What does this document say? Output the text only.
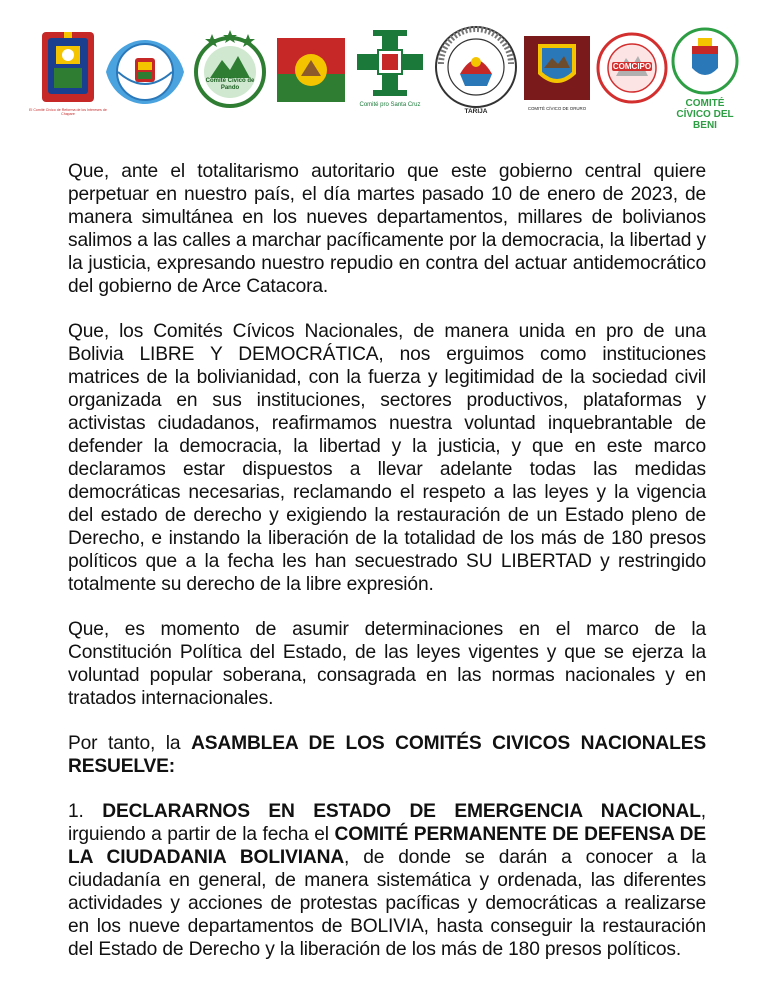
El Comité Cívico de Reforma de los Intereses de Chapare
Comité Cívico de Pando
Comité pro Santa Cruz
TARIJA	COMITÉ CÍVICO DE ORURO
COMCIPO
COMITÉ CÍVICO DEL BENI

Que, ante el totalitarismo autoritario que este gobierno central quiere perpetuar en nuestro país, el día martes pasado 10 de enero de 2023, de manera simultánea en los nueves departamentos, millares de bolivianos salimos a las calles a marchar pacíficamente por la democracia, la libertad y la justicia, expresando nuestro repudio en contra del actuar antidemocrático del gobierno de Arce Catacora.

Que, los Comités Cívicos Nacionales, de manera unida en pro de una Bolivia LIBRE Y DEMOCRÁTICA, nos erguimos como instituciones matrices de la bolivianidad, con la fuerza y legitimidad de la sociedad civil organizada en sus instituciones, sectores productivos, plataformas y activistas ciudadanos, reafirmamos nuestra voluntad inquebrantable de defender la democracia, la libertad y la justicia, y que en este marco declaramos estar dispuestos a llevar adelante todas las medidas democráticas necesarias, reclamando el respeto a las leyes y la vigencia del estado de derecho y exigiendo la restauración de un Estado pleno de Derecho, e instando la liberación de la totalidad de los más de 180 presos políticos que a la fecha les han secuestrado SU LIBERTAD y restringido totalmente su derecho de la libre expresión.

Que, es momento de asumir determinaciones en el marco de la Constitución Política del Estado, de las leyes vigentes y que se ejerza la voluntad popular soberana, consagrada en las normas nacionales y en tratados internacionales.

Por tanto, la ASAMBLEA DE LOS COMITÉS CIVICOS NACIONALES RESUELVE:

1. DECLARARNOS EN ESTADO DE EMERGENCIA NACIONAL, irguiendo a partir de la fecha el COMITÉ PERMANENTE DE DEFENSA DE LA CIUDADANIA BOLIVIANA, de donde se darán a conocer a la ciudadanía en general, de manera sistemática y ordenada, las diferentes actividades y acciones de protestas pacíficas y democráticas a realizarse en los nueve departamentos de BOLIVIA, hasta conseguir la restauración del Estado de Derecho y la liberación de los más de 180 presos políticos.
